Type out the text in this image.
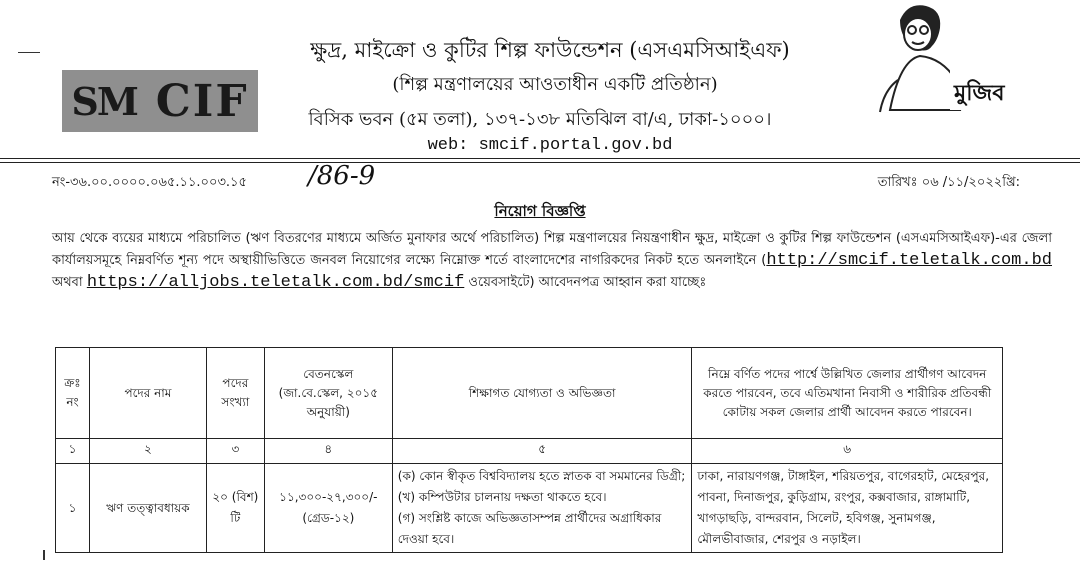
SM CIF
ক্ষুদ্র, মাইক্রো ও কুটির শিল্প ফাউন্ডেশন (এসএমসিআইএফ)
(শিল্প মন্ত্রণালয়ের আওতাধীন একটি প্রতিষ্ঠান)
বিসিক ভবন (৫ম তলা), ১৩৭-১৩৮ মতিঝিল বা/এ, ঢাকা-১০০০।
web: smcif.portal.gov.bd
মুজিব
নং-৩৬.০০.০০০০.০৬৫.১১.০০৩.১৫ /86-9	তারিখঃ ০৬ /১১/২০২২খ্রি:
নিয়োগ বিজ্ঞপ্তি
আয় থেকে ব্যয়ের মাধ্যমে পরিচালিত (ঋণ বিতরণের মাধ্যমে অর্জিত মুনাফার অর্থে পরিচালিত) শিল্প মন্ত্রণালয়ের নিয়ন্ত্রণাধীন ক্ষুদ্র, মাইক্রো ও কুটির শিল্প ফাউন্ডেশন (এসএমসিআইএফ)-এর জেলা কার্যালয়সমূহে নিম্নবর্ণিত শূন্য পদে অস্থায়ীভিত্তিতে জনবল নিয়োগের লক্ষ্যে নিম্নোক্ত শর্তে বাংলাদেশের নাগরিকদের নিকট হতে অনলাইনে (http://smcif.teletalk.com.bd অথবা https://alljobs.teletalk.com.bd/smcif ওয়েবসাইটে) আবেদনপত্র আহ্বান করা যাচ্ছেঃ
ক্রঃ নং	পদের নাম	পদের সংখ্যা	বেতনস্কেল (জা.বে.স্কেল, ২০১৫ অনুযায়ী)	শিক্ষাগত যোগ্যতা ও অভিজ্ঞতা	নিম্নে বর্ণিত পদের পার্শ্বে উল্লিখিত জেলার প্রার্থীগণ আবেদন করতে পারবেন, তবে এতিমখানা নিবাসী ও শারীরিক প্রতিবন্ধী কোটায় সকল জেলার প্রার্থী আবেদন করতে পারবেন।
১	২	৩	৪	৫	৬
১	ঋণ তত্ত্বাবধায়ক	২০ (বিশ) টি	১১,৩০০-২৭,৩০০/- (গ্রেড-১২)	(ক) কোন স্বীকৃত বিশ্ববিদ্যালয় হতে স্নাতক বা সমমানের ডিগ্রী;
(খ) কম্পিউটার চালনায় দক্ষতা থাকতে হবে।
(গ) সংশ্লিষ্ট কাজে অভিজ্ঞতাসম্পন্ন প্রার্থীদের অগ্রাধিকার দেওয়া হবে।	ঢাকা, নারায়ণগঞ্জ, টাঙ্গাইল, শরিয়তপুর, বাগেরহাট, মেহেরপুর, পাবনা, দিনাজপুর, কুড়িগ্রাম, রংপুর, কক্সবাজার, রাঙ্গামাটি, খাগড়াছড়ি, বান্দরবান, সিলেট, হবিগঞ্জ, সুনামগঞ্জ, মৌলভীবাজার, শেরপুর ও নড়াইল।
